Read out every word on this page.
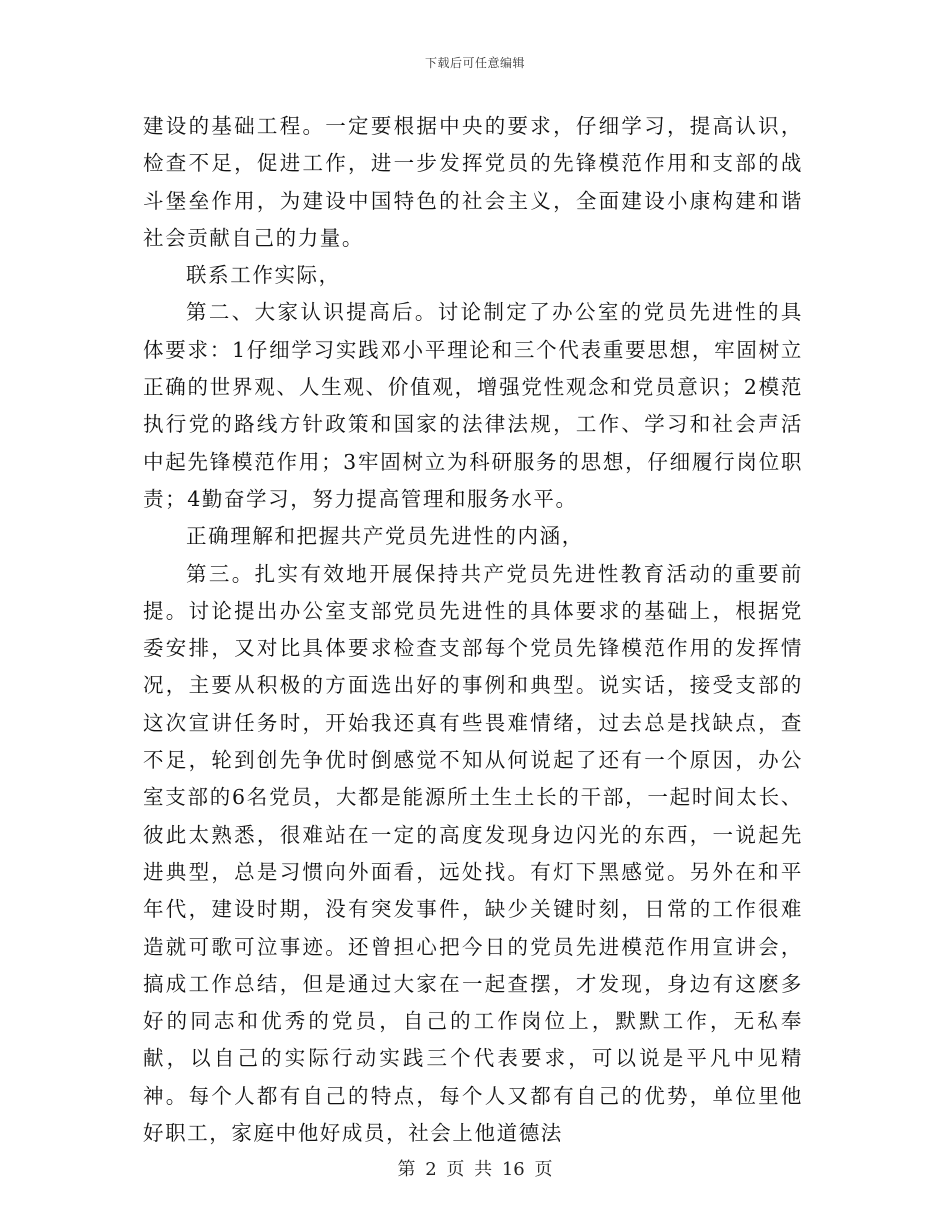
下载后可任意编辑

建设的基础工程。一定要根据中央的要求，仔细学习，提高认识，检查不足，促进工作，进一步发挥党员的先锋模范作用和支部的战斗堡垒作用，为建设中国特色的社会主义，全面建设小康构建和谐社会贡献自己的力量。

联系工作实际，

第二、大家认识提高后。讨论制定了办公室的党员先进性的具体要求：1仔细学习实践邓小平理论和三个代表重要思想，牢固树立正确的世界观、人生观、价值观，增强党性观念和党员意识；2模范执行党的路线方针政策和国家的法律法规，工作、学习和社会声活中起先锋模范作用；3牢固树立为科研服务的思想，仔细履行岗位职责；4勤奋学习，努力提高管理和服务水平。

正确理解和把握共产党员先进性的内涵，

第三。扎实有效地开展保持共产党员先进性教育活动的重要前提。讨论提出办公室支部党员先进性的具体要求的基础上，根据党委安排，又对比具体要求检查支部每个党员先锋模范作用的发挥情况，主要从积极的方面选出好的事例和典型。说实话，接受支部的这次宣讲任务时，开始我还真有些畏难情绪，过去总是找缺点，查不足，轮到创先争优时倒感觉不知从何说起了还有一个原因，办公室支部的6名党员，大都是能源所土生土长的干部，一起时间太长、彼此太熟悉，很难站在一定的高度发现身边闪光的东西，一说起先进典型，总是习惯向外面看，远处找。有灯下黑感觉。另外在和平年代，建设时期，没有突发事件，缺少关键时刻，日常的工作很难造就可歌可泣事迹。还曾担心把今日的党员先进模范作用宣讲会，搞成工作总结，但是通过大家在一起查摆，才发现，身边有这麽多好的同志和优秀的党员，自己的工作岗位上，默默工作，无私奉献，以自己的实际行动实践三个代表要求，可以说是平凡中见精神。每个人都有自己的特点，每个人又都有自己的优势，单位里他好职工，家庭中他好成员，社会上他道德法

第 2 页 共 16 页
